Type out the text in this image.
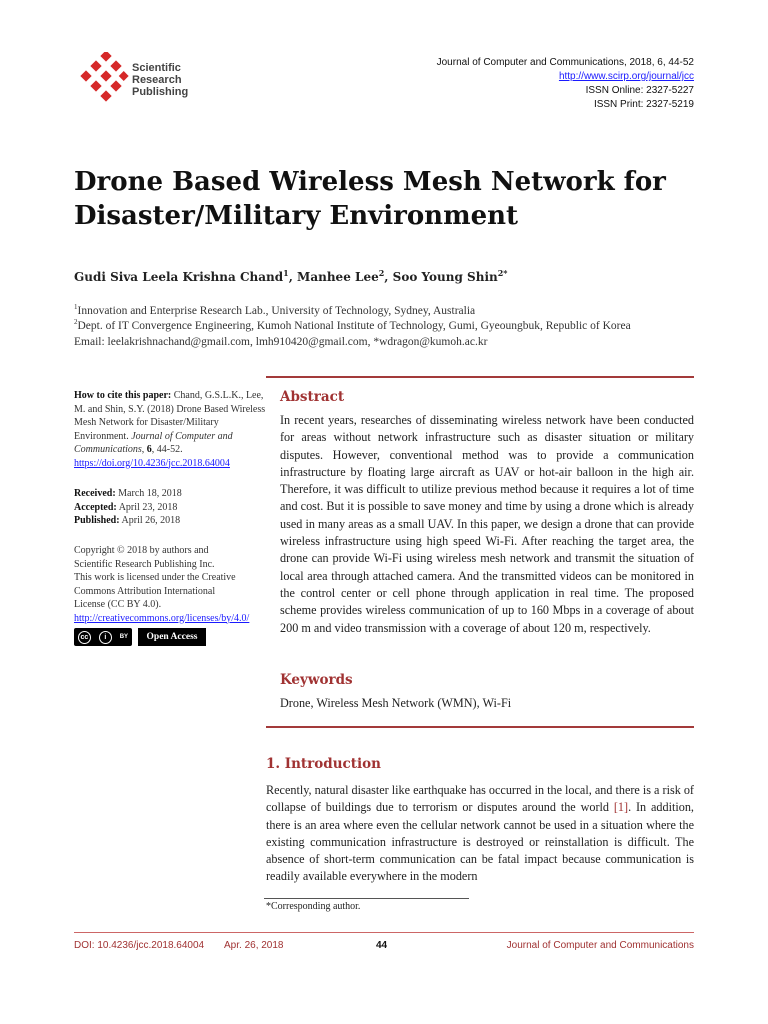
Scientific
Research
Publishing
Journal of Computer and Communications, 2018, 6, 44-52
http://www.scirp.org/journal/jcc
ISSN Online: 2327-5227
ISSN Print: 2327-5219
Drone Based Wireless Mesh Network for
Disaster/Military Environment
Gudi Siva Leela Krishna Chand$^1$, Manhee Lee$^2$, Soo Young Shin$^{2*}$
$^1$Innovation and Enterprise Research Lab., University of Technology, Sydney, Australia
$^2$Dept. of IT Convergence Engineering, Kumoh National Institute of Technology, Gumi, Gyeoungbuk, Republic of Korea
Email: leelakrishnachand@gmail.com, lmh910420@gmail.com, *wdragon@kumoh.ac.kr
How to cite this paper: Chand, G.S.L.K., Lee, M. and Shin, S.Y. (2018) Drone Based Wireless Mesh Network for Disaster/Military Environment. Journal of Computer and Communications, 6, 44-52.
https://doi.org/10.4236/jcc.2018.64004
Received: March 18, 2018
Accepted: April 23, 2018
Published: April 26, 2018
Copyright © 2018 by authors and
Scientific Research Publishing Inc.
This work is licensed under the Creative
Commons Attribution International
License (CC BY 4.0).
http://creativecommons.org/licenses/by/4.0/
cc	i	BY	Open Access
Abstract
In recent years, researches of disseminating wireless network have been conducted for areas without network infrastructure such as disaster situation or military disputes. However, conventional method was to provide a communication infrastructure by floating large aircraft as UAV or hot-air balloon in the high air. Therefore, it was difficult to utilize previous method because it requires a lot of time and cost. But it is possible to save money and time by using a drone which is already used in many areas as a small UAV. In this paper, we design a drone that can provide wireless infrastructure using high speed Wi-Fi. After reaching the target area, the drone can provide Wi-Fi using wireless mesh network and transmit the situation of local area through attached camera. And the transmitted videos can be monitored in the control center or cell phone through application in real time. The proposed scheme provides wireless communication of up to 160 Mbps in a coverage of about 200 m and video transmission with a coverage of about 120 m, respectively.
Keywords
Drone, Wireless Mesh Network (WMN), Wi-Fi
1. Introduction
Recently, natural disaster like earthquake has occurred in the local, and there is a risk of collapse of buildings due to terrorism or disputes around the world [1]. In addition, there is an area where even the cellular network cannot be used in a situation where the existing communication infrastructure is destroyed or reinstallation is difficult. The absence of short-term communication can be fatal impact because communication is readily available everywhere in the modern
*Corresponding author.
DOI: 10.4236/jcc.2018.64004 Apr. 26, 2018	44	Journal of Computer and Communications
